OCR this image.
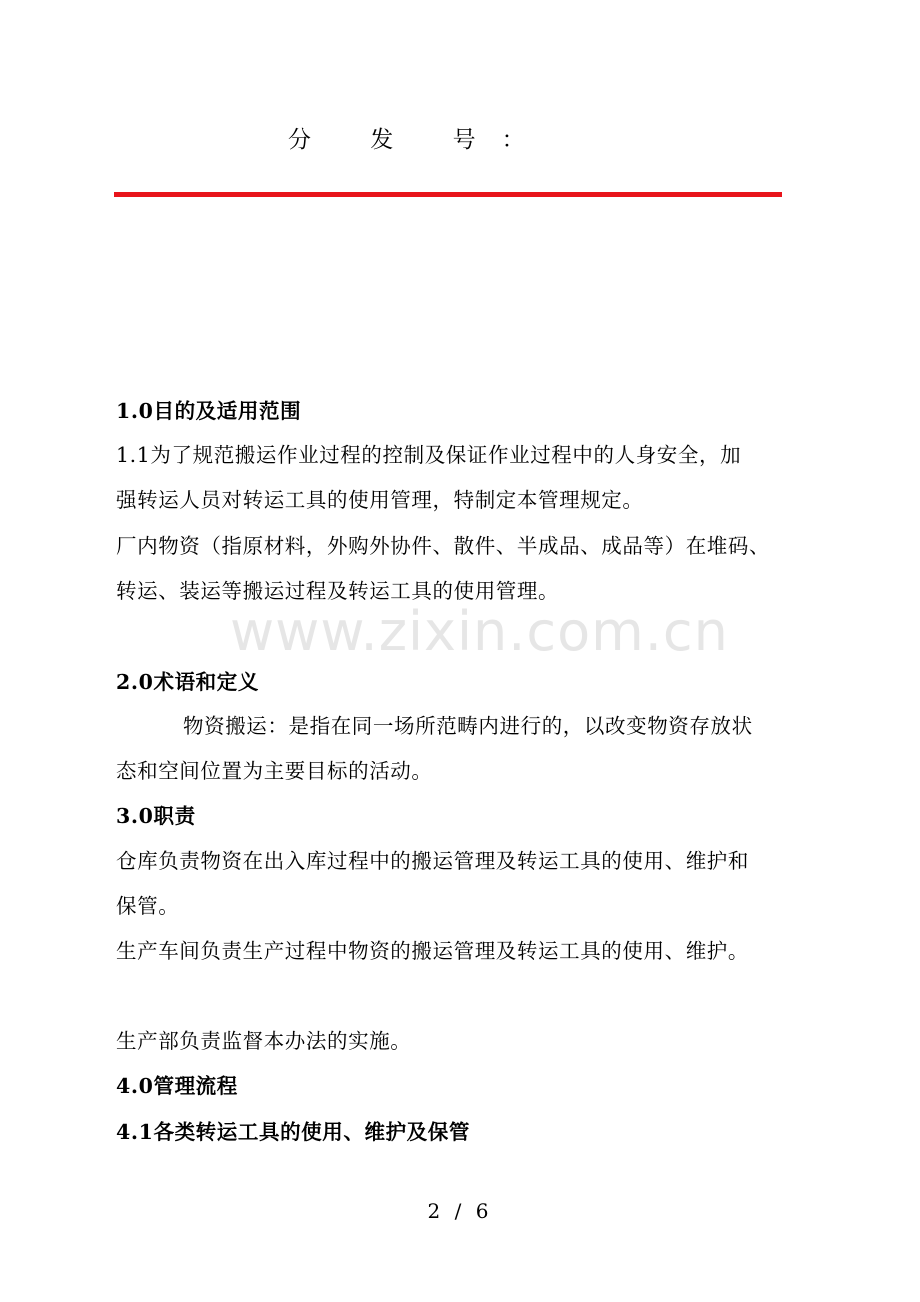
分 发 号：
www.zixin.com.cn
1.0目的及适用范围
1.1为了规范搬运作业过程的控制及保证作业过程中的人身安全，加
强转运人员对转运工具的使用管理，特制定本管理规定。
厂内物资（指原材料，外购外协件、散件、半成品、成品等）在堆码、
转运、装运等搬运过程及转运工具的使用管理。
2.0术语和定义
物资搬运：是指在同一场所范畴内进行的，以改变物资存放状
态和空间位置为主要目标的活动。
3.0职责
仓库负责物资在出入库过程中的搬运管理及转运工具的使用、维护和
保管。
生产车间负责生产过程中物资的搬运管理及转运工具的使用、维护。
生产部负责监督本办法的实施。
4.0管理流程
4.1各类转运工具的使用、维护及保管
2 / 6
